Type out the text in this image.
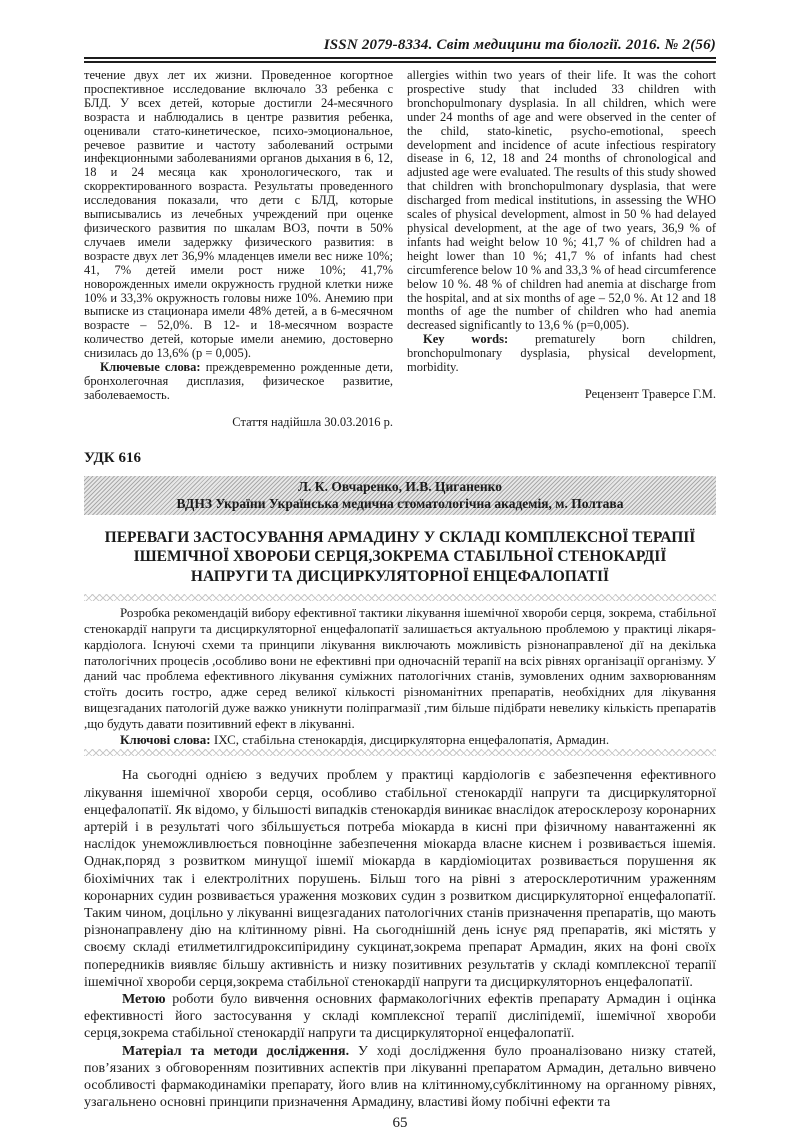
ISSN 2079-8334. Світ медицини та біології. 2016. № 2(56)

течение двух лет их жизни. Проведенное когортное проспективное исследование включало 33 ребенка с БЛД. У всех детей, которые достигли 24-месячного возраста и наблюдались в центре развития ребенка, оценивали стато-кинетическое, психо-эмоциональное, речевое развитие и частоту заболеваний острыми инфекционными заболеваниями органов дыхания в 6, 12, 18 и 24 месяца как хронологического, так и скорректированного возраста. Результаты проведенного исследования показали, что дети с БЛД, которые выписывались из лечебных учреждений при оценке физического развития по шкалам ВОЗ, почти в 50% случаев имели задержку физического развития: в возрасте двух лет 36,9% младенцев имели вес ниже 10%; 41, 7% детей имели рост ниже 10%; 41,7% новорожденных имели окружность грудной клетки ниже 10% и 33,3% окружность головы ниже 10%. Анемию при выписке из стационара имели 48% детей, а в 6-месячном возрасте – 52,0%. В 12- и 18-месячном возрасте количество детей, которые имели анемию, достоверно снизилась до 13,6% (р = 0,005).

Ключевые слова: преждевременно рожденные дети, бронхолегочная дисплазия, физическое развитие, заболеваемость.

Стаття надійшла 30.03.2016 р.

allergies within two years of their life. It was the cohort prospective study that included 33 children with bronchopulmonary dysplasia. In all children, which were under 24 months of age and were observed in the center of the child, stato-kinetic, psycho-emotional, speech development and incidence of acute infectious respiratory disease in 6, 12, 18 and 24 months of chronological and adjusted age were evaluated. The results of this study showed that children with bronchopulmonary dysplasia, that were discharged from medical institutions, in assessing the WHO scales of physical development, almost in 50 % had delayed physical development, at the age of two years, 36,9 % of infants had weight below 10 %; 41,7 % of children had a height lower than 10 %; 41,7 % of infants had chest circumference below 10 % and 33,3 % of head circumference below 10 %. 48 % of children had anemia at discharge from the hospital, and at six months of age – 52,0 %. At 12 and 18 months of age the number of children who had anemia decreased significantly to 13,6 % (p=0,005).

Key words: prematurely born children, bronchopulmonary dysplasia, physical development, morbidity.

Рецензент Траверсе Г.М.

УДК 616
Л. К. Овчаренко, И.В. Циганенко
ВДНЗ України Українська медична стоматологічна академія, м. Полтава
ПЕРЕВАГИ ЗАСТОСУВАННЯ АРМАДИНУ У СКЛАДІ КОМПЛЕКСНОЇ ТЕРАПІЇ ІШЕМІЧНОЇ ХВОРОБИ СЕРЦЯ,ЗОКРЕМА СТАБІЛЬНОЇ СТЕНОКАРДІЇ НАПРУГИ ТА ДИСЦИРКУЛЯТОРНОЇ ЕНЦЕФАЛОПАТІЇ

Розробка рекомендацій вибору ефективної тактики лікування ішемічної хвороби серця, зокрема, стабільної стенокардії напруги та дисциркуляторної енцефалопатії залишається актуальною проблемою у практиці лікаря-кардіолога. Існуючі схеми та принципи лікування виключають можливість різнонаправленої дії на декілька патологічних процесів ,особливо вони не ефективні при одночасній терапії на всіх рівнях організації організму. У даний час проблема ефективного лікування суміжних патологічних станів, зумовлених одним захворюванням стоїть досить гостро, адже серед великої кількості різноманітних препаратів, необхідних для лікування вищезгаданих патологій дуже важко уникнути поліпрагмазії ,тим більше підібрати невелику кількість препаратів ,що будуть давати позитивний ефект в лікуванні.

Ключові слова: ІХС, стабільна стенокардія, дисциркуляторна енцефалопатія, Армадин.

На сьогодні однією з ведучих проблем у практиці кардіологів є забезпечення ефективного лікування ішемічної хвороби серця, особливо стабільної стенокардії напруги та дисциркуляторної енцефалопатії. Як відомо, у більшості випадків стенокардія виникає внаслідок атеросклерозу коронарних артерій і в результаті чого збільшується потреба міокарда в кисні при фізичному навантаженні як наслідок унеможливлюється повноцінне забезпечення міокарда власне киснем і розвивається ішемія. Однак,поряд з розвитком минущої ішемії міокарда в кардіоміоцитах розвивається порушення як біохімічних так і електролітних порушень. Більш того на рівні з атеросклеротичним ураженням коронарних судин розвивається ураження мозкових судин з розвитком дисциркуляторної енцефалопатії. Таким чином, доцільно у лікуванні вищезгаданих патологічних станів призначення препаратів, що мають різнонаправлену дію на клітинному рівні. На сьогоднішній день існує ряд препаратів, які містять у своєму складі етилметилгидроксипіридину сукцинат,зокрема препарат Армадин, яких на фоні своїх попередників виявляє більшу активність и низку позитивних результатів у складі комплексної терапії ішемічної хвороби серця,зокрема стабільної стенокардії напруги та дисциркуляторноъ енцефалопатії.

Метою роботи було вивчення основних фармакологічних ефектів препарату Армадин і оцінка ефективності його застосування у складі комплексної терапії дисліпідемії, ішемічної хвороби серця,зокрема стабільної стенокардії напруги та дисциркуляторної енцефалопатії.

Матеріал та методи дослідження. У ході дослідження було проаналізовано низку статей, пов’язаних з обговоренням позитивних аспектів при лікуванні препаратом Армадин, детально вивчено особливості фармакодинаміки препарату, його влив на клітинному,субклітинному на органному рівнях, узагальнено основні принципи призначення Армадину, властиві йому побічні ефекти та

65
